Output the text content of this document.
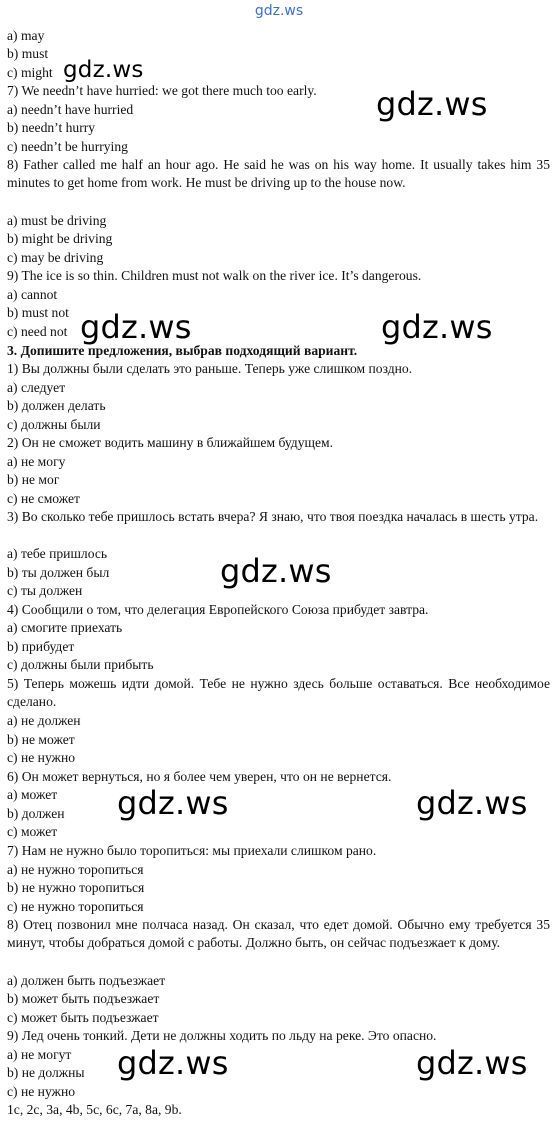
gdz.ws
a) may
b) must
c) might
7) We needn’t have hurried: we got there much too early.
a) needn’t have hurried
b) needn’t hurry
c) needn’t be hurrying
8) Father called me half an hour ago. He said he was on his way home. It usually takes him 35 minutes to get home from work. He must be driving up to the house now.
a) must be driving
b) might be driving
c) may be driving
9) The ice is so thin. Children must not walk on the river ice. It’s dangerous.
a) cannot
b) must not
c) need not
3. Допишите предложения, выбрав подходящий вариант.
1) Вы должны были сделать это раньше. Теперь уже слишком поздно.
a) следует
b) должен делать
c) должны были
2) Он не сможет водить машину в ближайшем будущем.
a) не могу
b) не мог
c) не сможет
3) Во сколько тебе пришлось встать вчера? Я знаю, что твоя поездка началась в шесть утра.
a) тебе пришлось
b) ты должен был
c) ты должен
4) Сообщили о том, что делегация Европейского Союза прибудет завтра.
a) смогите приехать
b) прибудет
c) должны были прибыть
5) Теперь можешь идти домой. Тебе не нужно здесь больше оставаться. Все необходимое сделано.
a) не должен
b) не может
c) не нужно
6) Он может вернуться, но я более чем уверен, что он не вернется.
a) может
b) должен
c) может
7) Нам не нужно было торопиться: мы приехали слишком рано.
a) не нужно торопиться
b) не нужно торопиться
c) не нужно торопиться
8) Отец позвонил мне полчаса назад. Он сказал, что едет домой. Обычно ему требуется 35 минут, чтобы добраться домой с работы. Должно быть, он сейчас подъезжает к дому.
a) должен быть подъезжает
b) может быть подъезжает
c) может быть подъезжает
9) Лед очень тонкий. Дети не должны ходить по льду на реке. Это опасно.
a) не могут
b) не должны
c) не нужно
1c, 2c, 3a, 4b, 5c, 6c, 7a, 8a, 9b.
gdz.ws
gdz.ws
gdz.ws	gdz.ws
gdz.ws
gdz.ws	gdz.ws
gdz.ws	gdz.ws
